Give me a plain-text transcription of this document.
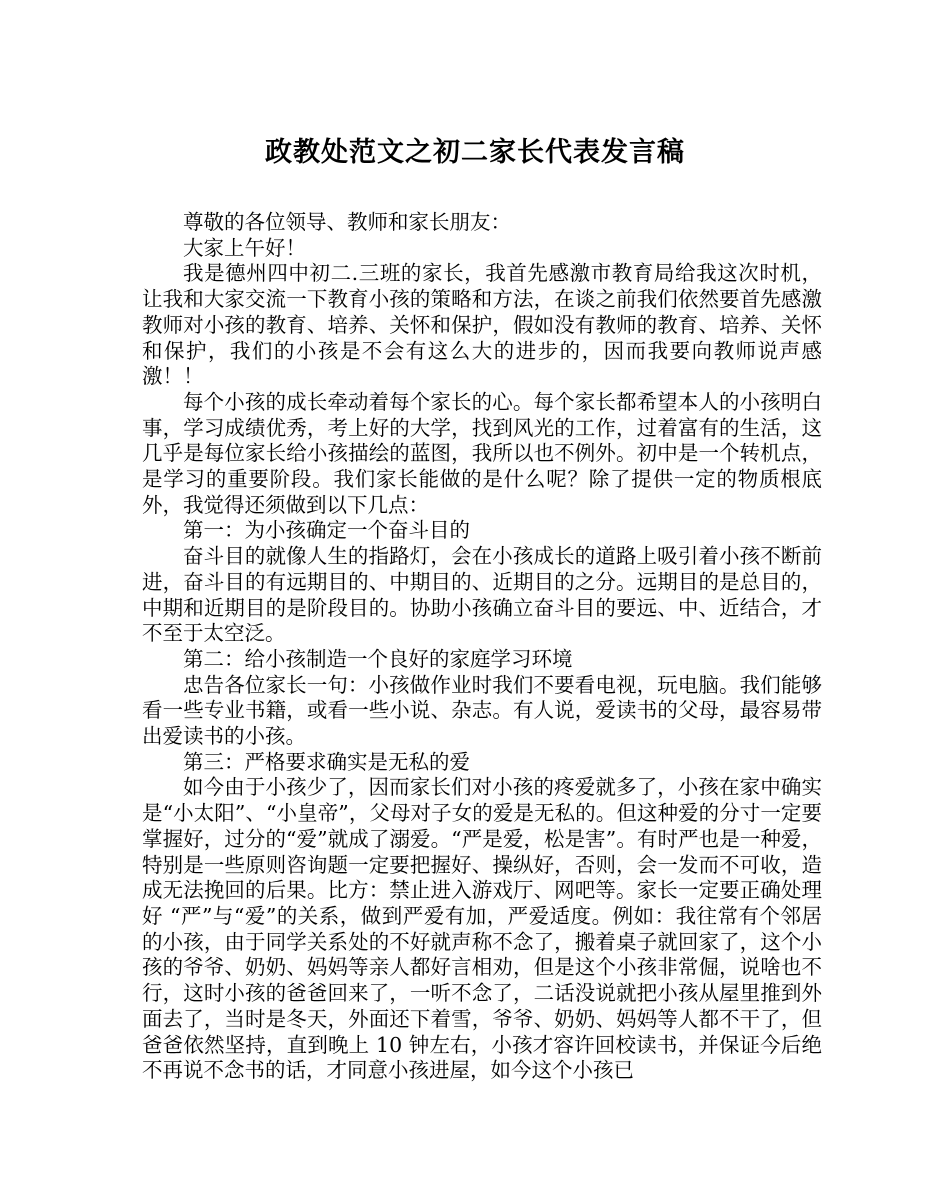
政教处范文之初二家长代表发言稿

尊敬的各位领导、教师和家长朋友：

大家上午好！

我是德州四中初二.三班的家长，我首先感激市教育局给我这次时机，让我和大家交流一下教育小孩的策略和方法，在谈之前我们依然要首先感激教师对小孩的教育、培养、关怀和保护，假如没有教师的教育、培养、关怀和保护，我们的小孩是不会有这么大的进步的，因而我要向教师说声感激！！

每个小孩的成长牵动着每个家长的心。每个家长都希望本人的小孩明白事，学习成绩优秀，考上好的大学，找到风光的工作，过着富有的生活，这几乎是每位家长给小孩描绘的蓝图，我所以也不例外。初中是一个转机点，是学习的重要阶段。我们家长能做的是什么呢？除了提供一定的物质根底外，我觉得还须做到以下几点：

第一：为小孩确定一个奋斗目的

奋斗目的就像人生的指路灯，会在小孩成长的道路上吸引着小孩不断前进，奋斗目的有远期目的、中期目的、近期目的之分。远期目的是总目的，中期和近期目的是阶段目的。协助小孩确立奋斗目的要远、中、近结合，才不至于太空泛。

第二：给小孩制造一个良好的家庭学习环境

忠告各位家长一句：小孩做作业时我们不要看电视，玩电脑。我们能够看一些专业书籍，或看一些小说、杂志。有人说，爱读书的父母，最容易带出爱读书的小孩。

第三：严格要求确实是无私的爱

如今由于小孩少了，因而家长们对小孩的疼爱就多了，小孩在家中确实是“小太阳”、“小皇帝”，父母对子女的爱是无私的。但这种爱的分寸一定要掌握好，过分的“爱”就成了溺爱。“严是爱，松是害”。有时严也是一种爱，特别是一些原则咨询题一定要把握好、操纵好，否则，会一发而不可收，造成无法挽回的后果。比方：禁止进入游戏厅、网吧等。家长一定要正确处理好 “严”与“爱”的关系，做到严爱有加，严爱适度。例如：我往常有个邻居的小孩，由于同学关系处的不好就声称不念了，搬着桌子就回家了，这个小孩的爷爷、奶奶、妈妈等亲人都好言相劝，但是这个小孩非常倔，说啥也不行，这时小孩的爸爸回来了，一听不念了，二话没说就把小孩从屋里推到外面去了，当时是冬天，外面还下着雪，爷爷、奶奶、妈妈等人都不干了，但爸爸依然坚持，直到晚上 10 钟左右，小孩才容许回校读书，并保证今后绝不再说不念书的话，才同意小孩进屋，如今这个小孩已
